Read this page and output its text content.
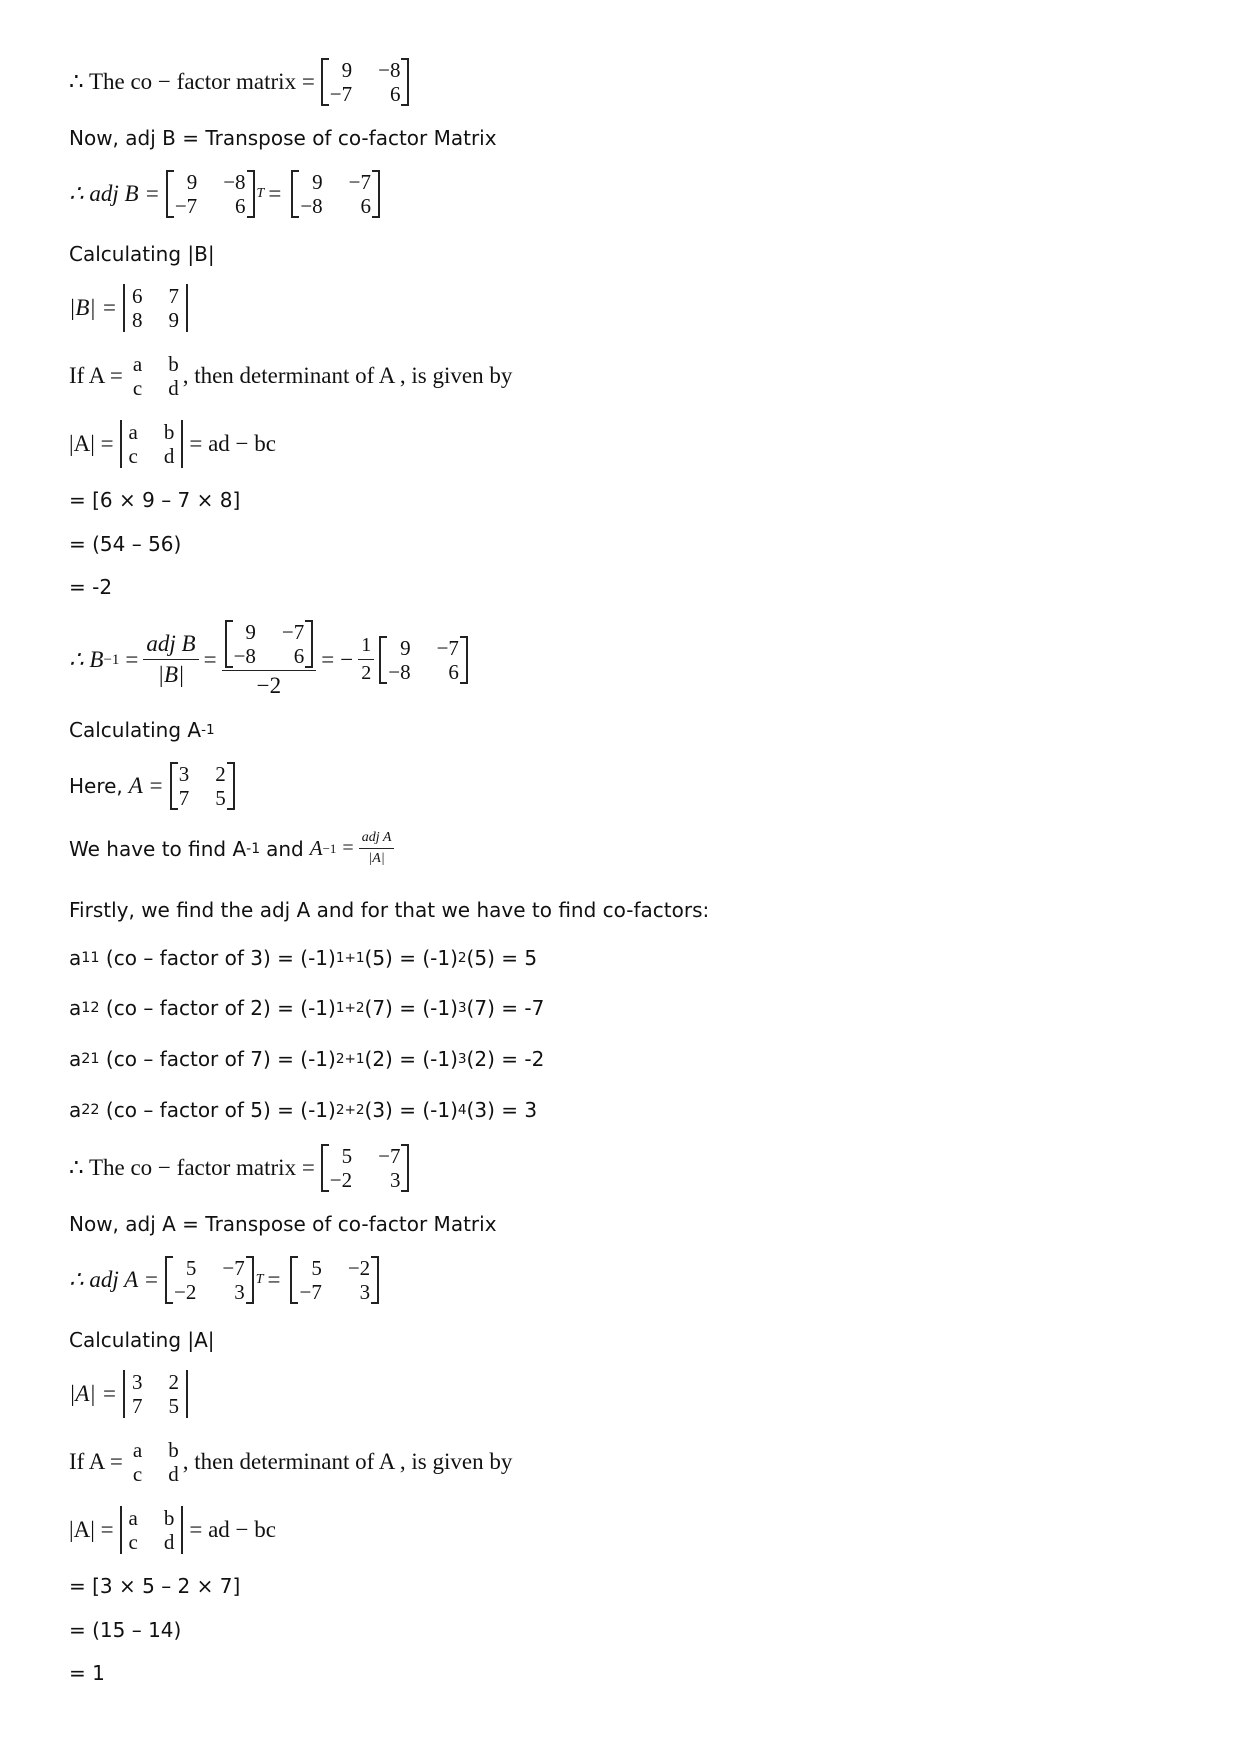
∴ The co − factor matrix =	9 −8
−7	6
Now, adj B = Transpose of co-factor Matrix
∴ adj B =	9 −8
−7	6
T =	9 −7
−8	6
Calculating |B|
|B| = 6 7
8 9
If A = a b
c d , then determinant of A , is given by
|A| = a b
c d = ad − bc
= [6 × 9 – 7 × 8]
= (54 – 56)
= -2
∴ $B -1 = \frac{\text{adj B}}{|B|} = 9 -7$
−8	6
−2 = − $\frac{1}{2}$	9 −7
−8	6
Calculating A -1
Here, A = 3 2
7 5
We have to find A -1 and $A -1 = \frac{\text{adj A}}{|A|}$
Firstly, we find the adj A and for that we have to find co-factors:
a 11 (co – factor of 3) = (-1) 1+1 (5) = (-1) 2 (5) = 5
a 12 (co – factor of 2) = (-1) 1+2 (7) = (-1) 3 (7) = -7
a 21 (co – factor of 7) = (-1) 2+1 (2) = (-1) 3 (2) = -2
a 22 (co – factor of 5) = (-1) 2+2 (3) = (-1) 4 (3) = 3
∴ The co − factor matrix =	5 −7
−2	3
Now, adj A = Transpose of co-factor Matrix
∴ adj A =	5 −7
−2	3
T =	5 −2
−7	3
Calculating |A|
|A| = 3 2
7 5
If A = a b
c d , then determinant of A , is given by
|A| = a b
c d = ad − bc
= [3 × 5 – 2 × 7]
= (15 – 14)
= 1
